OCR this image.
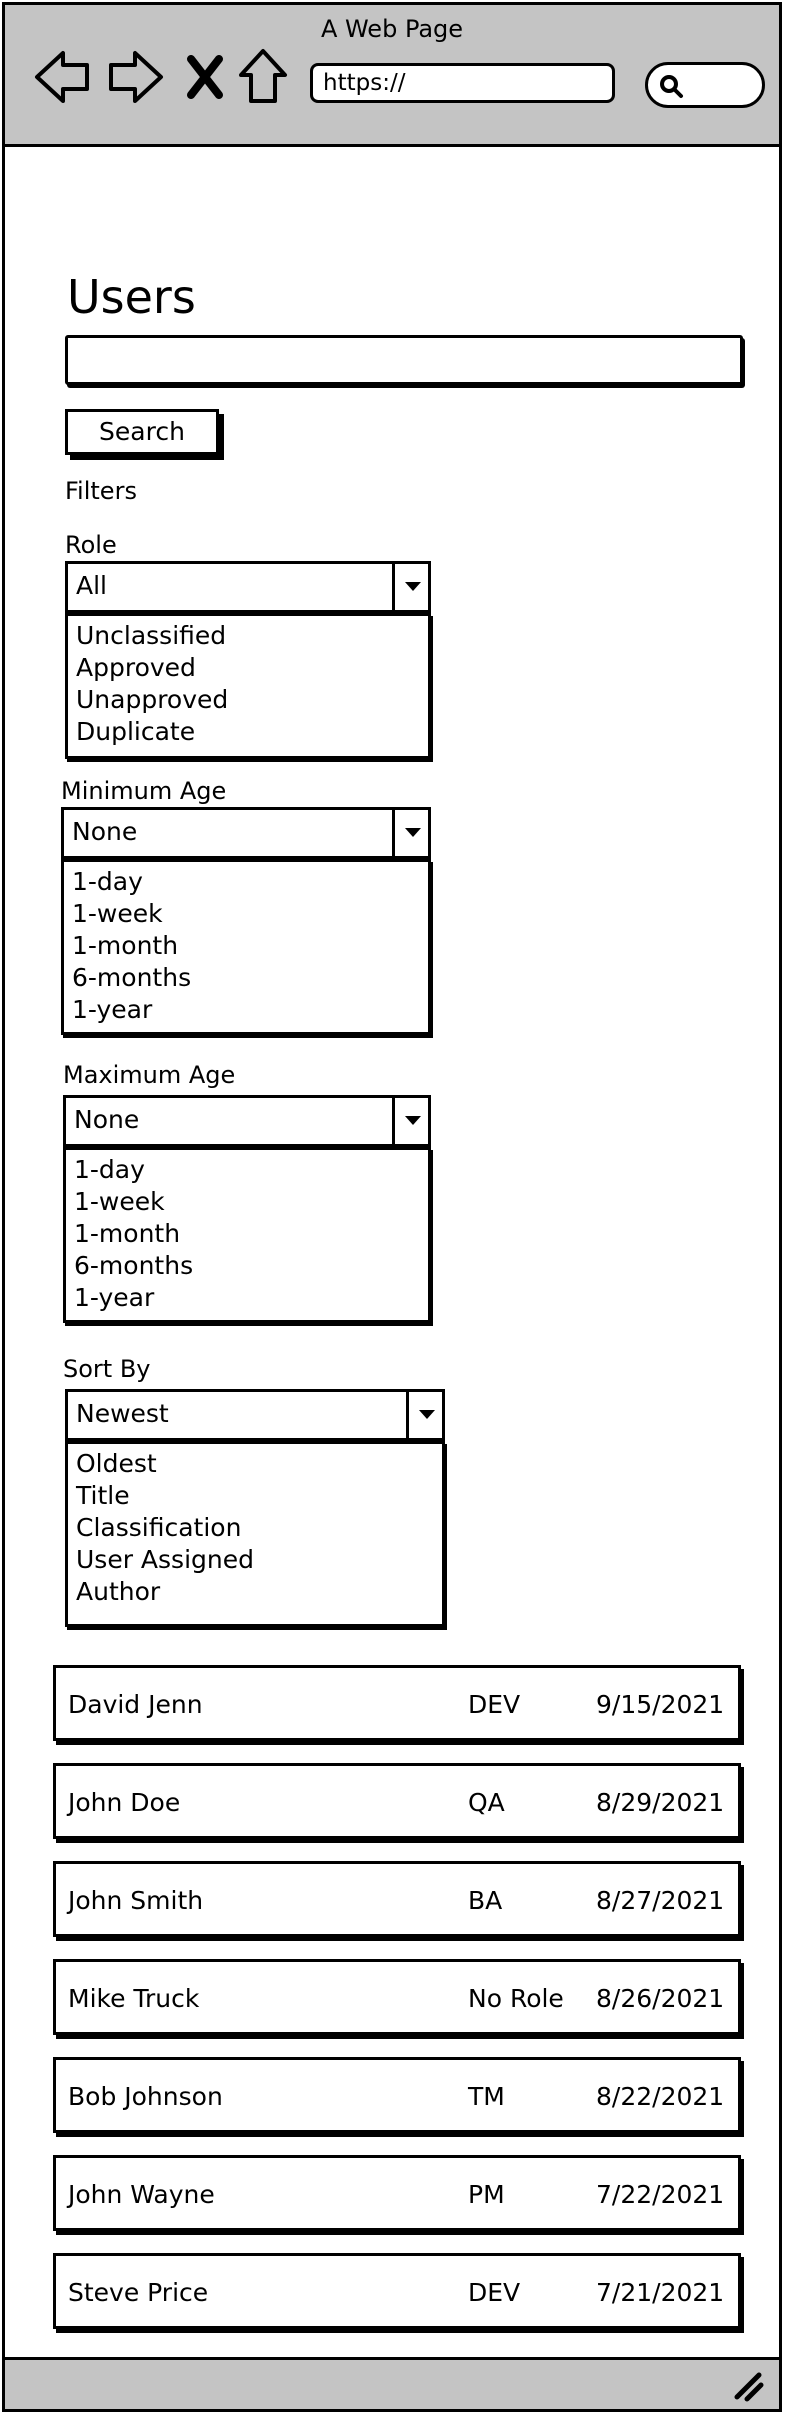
A Web Page
https://
Users
Search
Filters
Role
All
Unclassified
Approved
Unapproved
Duplicate
Minimum Age
None
1-day
1-week
1-month
6-months
1-year
Maximum Age
None
1-day
1-week
1-month
6-months
1-year
Sort By
Newest
Oldest
Title
Classification
User Assigned
Author
David Jenn	DEV	9/15/2021
John Doe	QA	8/29/2021
John Smith	BA	8/27/2021
Mike Truck	No Role 8/26/2021
Bob Johnson	TM	8/22/2021
John Wayne	PM	7/22/2021
Steve Price	DEV	7/21/2021
